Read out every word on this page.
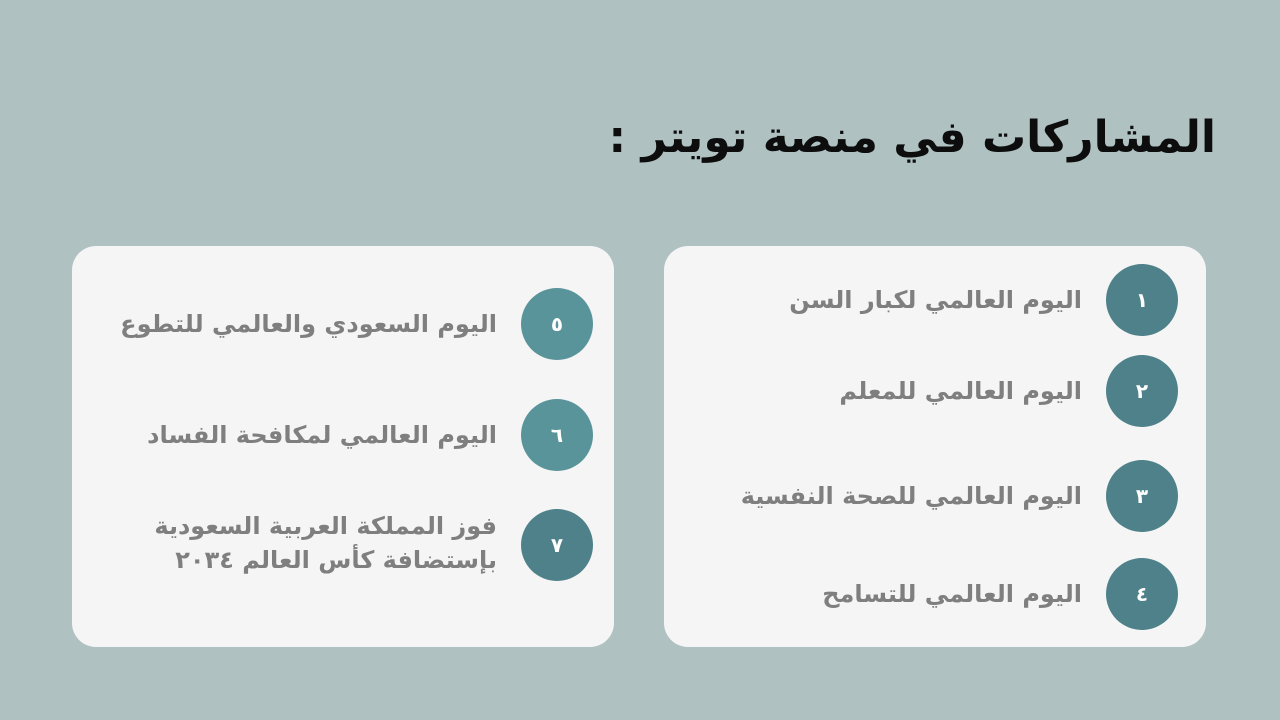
المشاركات في منصة تويتر :
١
اليوم العالمي لكبار السن
٢
اليوم العالمي للمعلم
٣
اليوم العالمي للصحة النفسية
٤
اليوم العالمي للتسامح
٥
اليوم السعودي والعالمي للتطوع
٦
اليوم العالمي لمكافحة الفساد
٧
فوز المملكة العربية السعودية
بإستضافة كأس العالم ٢٠٣٤
